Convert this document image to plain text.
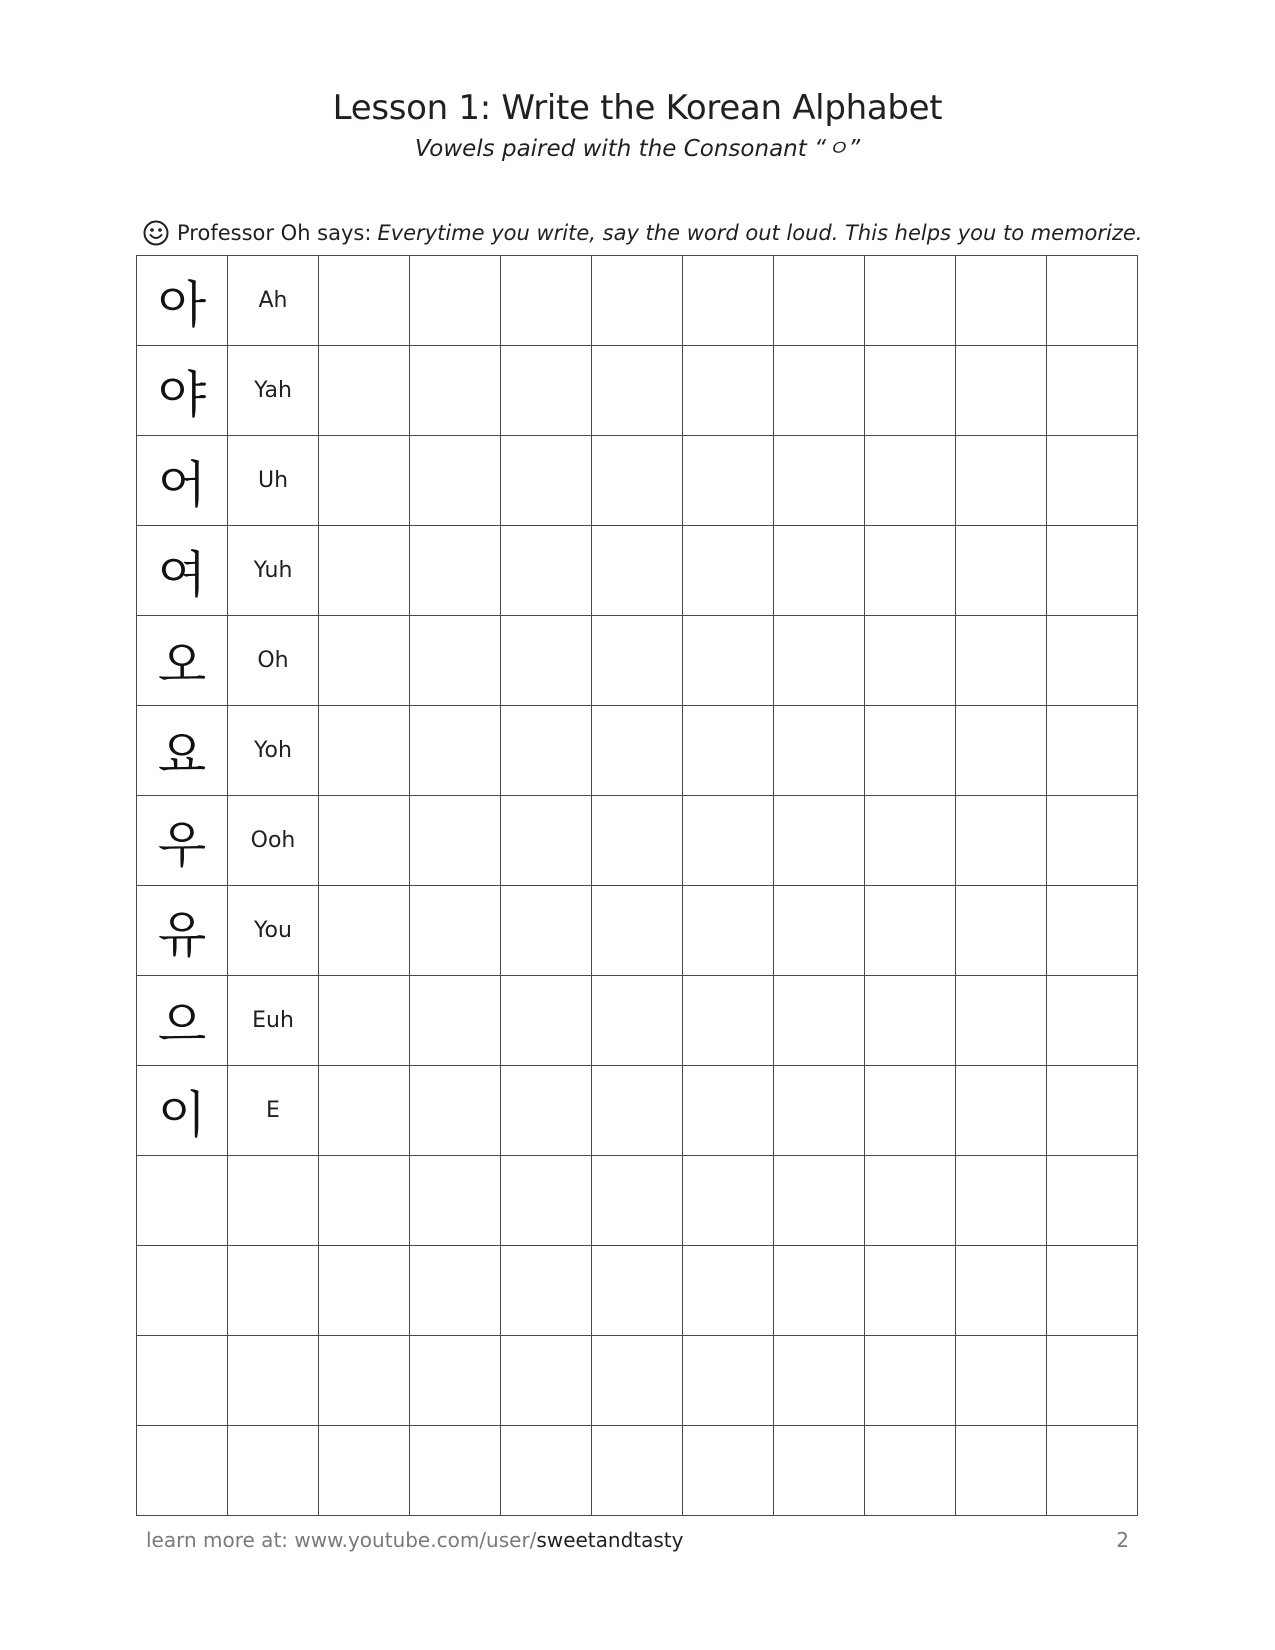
Lesson 1: Write the Korean Alphabet

Vowels paired with the Consonant “ㅇ”

Professor Oh says: Everytime you write, say the word out loud. This helps you to memorize.
아	Ah									
야	Yah									
어	Uh									
여	Yuh									
오	Oh									
요	Yoh									
우	Ooh									
유	You									
으	Euh									
이	E									

learn more at: www.youtube.com/user/sweetandtasty	2
